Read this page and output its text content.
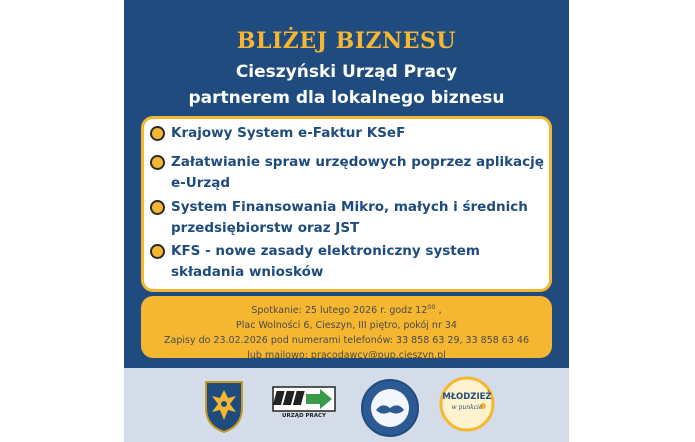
BLIŻEJ BIZNESU
Cieszyński Urząd Pracy
partnerem dla lokalnego biznesu
Krajowy System e-Faktur KSeF
Załatwianie spraw urzędowych poprzez aplikację e-Urząd
System Finansowania Mikro, małych i średnich przedsiębiorstw oraz JST
KFS - nowe zasady elektroniczny system składania wniosków
Spotkanie: 25 lutego 2026 r. godz $12^{00}$ ,
Plac Wolności 6, Cieszyn, III piętro, pokój nr 34
Zapisy do 23.02.2026 pod numerami telefonów: 33 858 63 29, 33 858 63 46
lub mailowo: pracodawcy@pup.cieszyn.pl
URZĄD PRACY
MŁODZIEŻ
w punkcie
